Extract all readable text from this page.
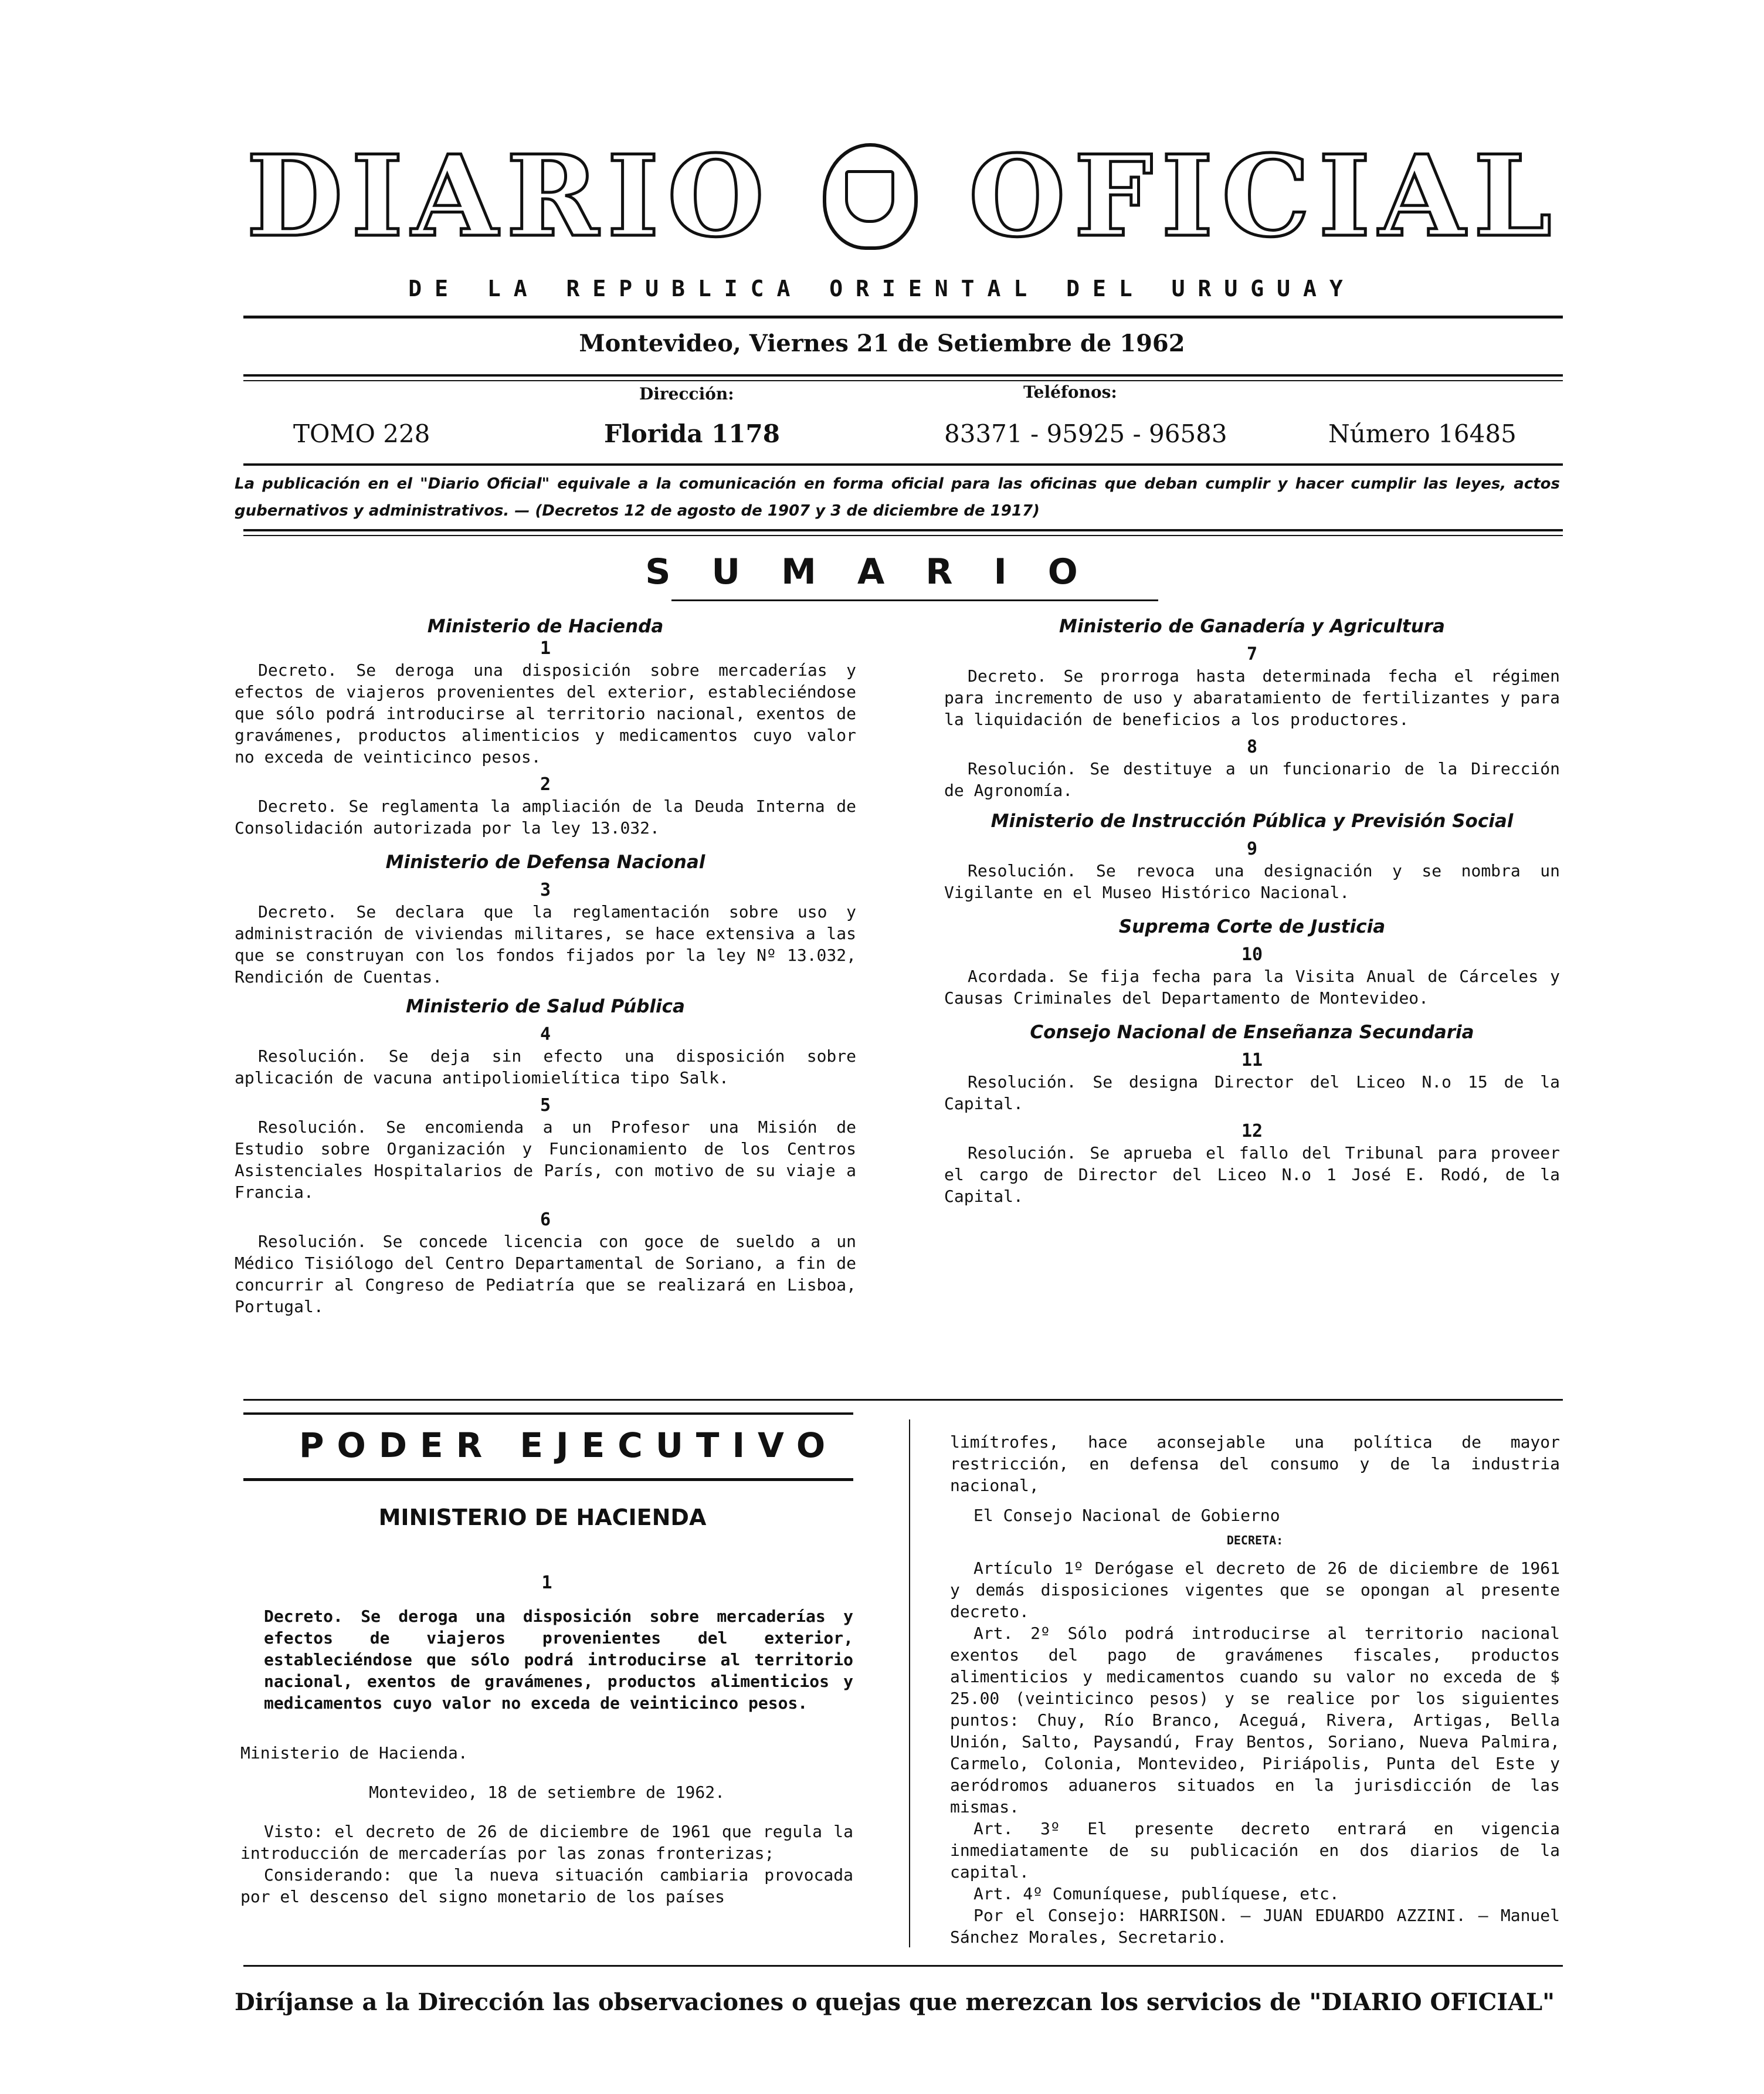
DIARIO OFICIAL
DE LA REPUBLICA ORIENTAL DEL URUGUAY
Montevideo, Viernes 21 de Setiembre de 1962
Dirección:	Teléfonos:
TOMO 228	Florida 1178	83371 - 95925 - 96583	Número 16485
La publicación en el "Diario Oficial" equivale a la comunicación en forma oficial para las oficinas que deban cumplir y hacer cumplir las leyes, actos gubernativos y administrativos. — (Decretos 12 de agosto de 1907 y 3 de diciembre de 1917)
SUMARIO
Ministerio de Hacienda
1

Decreto. Se deroga una disposición sobre mercaderías y efectos de viajeros provenientes del exterior, estableciéndose que sólo podrá introducirse al territorio nacional, exentos de gravámenes, productos alimenticios y medicamentos cuyo valor no exceda de veinticinco pesos.

2

Decreto. Se reglamenta la ampliación de la Deuda Interna de Consolidación autorizada por la ley 13.032.

Ministerio de Defensa Nacional
3

Decreto. Se declara que la reglamentación sobre uso y administración de viviendas militares, se hace extensiva a las que se construyan con los fondos fijados por la ley Nº 13.032, Rendición de Cuentas.

Ministerio de Salud Pública
4

Resolución. Se deja sin efecto una disposición sobre aplicación de vacuna antipoliomielítica tipo Salk.

5

Resolución. Se encomienda a un Profesor una Misión de Estudio sobre Organización y Funcionamiento de los Centros Asistenciales Hospitalarios de París, con motivo de su viaje a Francia.

6

Resolución. Se concede licencia con goce de sueldo a un Médico Tisiólogo del Centro Departamental de Soriano, a fin de concurrir al Congreso de Pediatría que se realizará en Lisboa, Portugal.

Ministerio de Ganadería y Agricultura
7

Decreto. Se prorroga hasta determinada fecha el régimen para incremento de uso y abaratamiento de fertilizantes y para la liquidación de beneficios a los productores.

8

Resolución. Se destituye a un funcionario de la Dirección de Agronomía.

Ministerio de Instrucción Pública y Previsión Social
9

Resolución. Se revoca una designación y se nombra un Vigilante en el Museo Histórico Nacional.

Suprema Corte de Justicia
10

Acordada. Se fija fecha para la Visita Anual de Cárceles y Causas Criminales del Departamento de Montevideo.

Consejo Nacional de Enseñanza Secundaria
11

Resolución. Se designa Director del Liceo N.o 15 de la Capital.

12

Resolución. Se aprueba el fallo del Tribunal para proveer el cargo de Director del Liceo N.o 1 José E. Rodó, de la Capital.

PODER EJECUTIVO
MINISTERIO DE HACIENDA
1

Decreto. Se deroga una disposición sobre mercaderías y efectos de viajeros provenientes del exterior, estableciéndose que sólo podrá introducirse al territorio nacional, exentos de gravámenes, productos alimenticios y medicamentos cuyo valor no exceda de veinticinco pesos.

Ministerio de Hacienda.

Montevideo, 18 de setiembre de 1962.

Visto: el decreto de 26 de diciembre de 1961 que regula la introducción de mercaderías por las zonas fronterizas;

Considerando: que la nueva situación cambiaria provocada por el descenso del signo monetario de los países

limítrofes, hace aconsejable una política de mayor restricción, en defensa del consumo y de la industria nacional,

El Consejo Nacional de Gobierno

DECRETA:

Artículo 1º Derógase el decreto de 26 de diciembre de 1961 y demás disposiciones vigentes que se opongan al presente decreto.

Art. 2º Sólo podrá introducirse al territorio nacional exentos del pago de gravámenes fiscales, productos alimenticios y medicamentos cuando su valor no exceda de $ 25.00 (veinticinco pesos) y se realice por los siguientes puntos: Chuy, Río Branco, Aceguá, Rivera, Artigas, Bella Unión, Salto, Paysandú, Fray Bentos, Soriano, Nueva Palmira, Carmelo, Colonia, Montevideo, Piriápolis, Punta del Este y aeródromos aduaneros situados en la jurisdicción de las mismas.

Art. 3º El presente decreto entrará en vigencia inmediatamente de su publicación en dos diarios de la capital.

Art. 4º Comuníquese, publíquese, etc.

Por el Consejo: HARRISON. — JUAN EDUARDO AZZINI. — Manuel Sánchez Morales, Secretario.

Diríjanse a la Dirección las observaciones o quejas que merezcan los servicios de "DIARIO OFICIAL"
